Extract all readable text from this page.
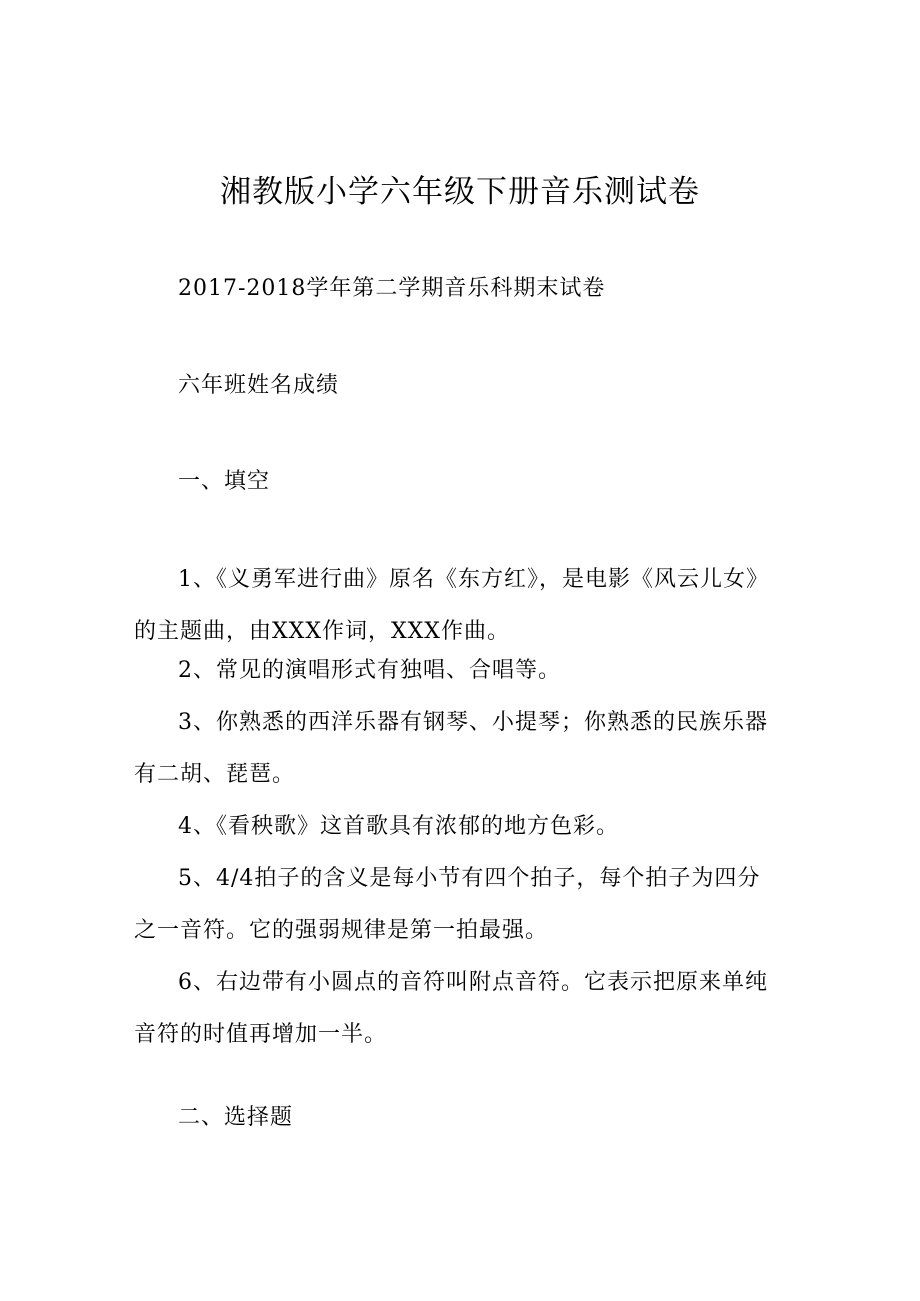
湘教版小学六年级下册音乐测试卷
2017-2018学年第二学期音乐科期末试卷
六年班姓名成绩
一、填空
1、《义勇军进行曲》原名《东方红》，是电影《风云儿女》的主题曲，由XXX作词，XXX作曲。
2、常见的演唱形式有独唱、合唱等。
3、你熟悉的西洋乐器有钢琴、小提琴；你熟悉的民族乐器有二胡、琵琶。
4、《看秧歌》这首歌具有浓郁的地方色彩。
5、4/4拍子的含义是每小节有四个拍子，每个拍子为四分之一音符。它的强弱规律是第一拍最强。
6、右边带有小圆点的音符叫附点音符。它表示把原来单纯音符的时值再增加一半。
二、选择题
